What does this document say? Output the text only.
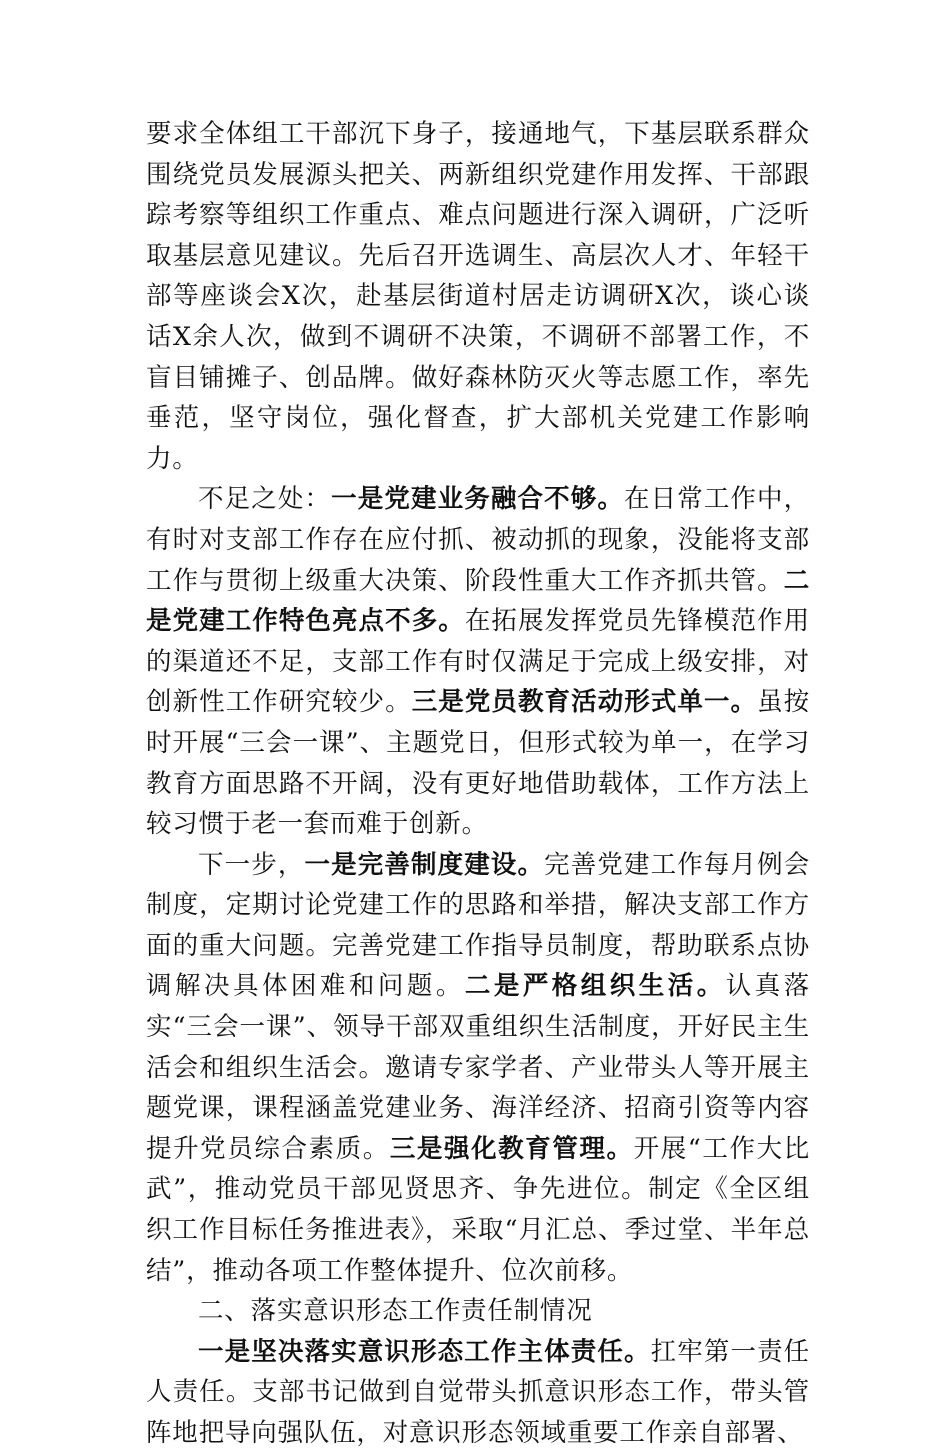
要求全体组工干部沉下身子，接通地气，下基层联系群众围绕党员发展源头把关、两新组织党建作用发挥、干部跟踪考察等组织工作重点、难点问题进行深入调研，广泛听取基层意见建议。先后召开选调生、高层次人才、年轻干部等座谈会X次，赴基层街道村居走访调研X次，谈心谈话X余人次，做到不调研不决策，不调研不部署工作，不盲目铺摊子、创品牌。做好森林防灭火等志愿工作，率先垂范，坚守岗位，强化督查，扩大部机关党建工作影响力。

不足之处：一是党建业务融合不够。在日常工作中，有时对支部工作存在应付抓、被动抓的现象，没能将支部工作与贯彻上级重大决策、阶段性重大工作齐抓共管。二是党建工作特色亮点不多。在拓展发挥党员先锋模范作用的渠道还不足，支部工作有时仅满足于完成上级安排，对创新性工作研究较少。三是党员教育活动形式单一。虽按时开展“三会一课”、主题党日，但形式较为单一，在学习教育方面思路不开阔，没有更好地借助载体，工作方法上较习惯于老一套而难于创新。

下一步，一是完善制度建设。完善党建工作每月例会制度，定期讨论党建工作的思路和举措，解决支部工作方面的重大问题。完善党建工作指导员制度，帮助联系点协调解决具体困难和问题。二是严格组织生活。认真落实“三会一课”、领导干部双重组织生活制度，开好民主生活会和组织生活会。邀请专家学者、产业带头人等开展主题党课，课程涵盖党建业务、海洋经济、招商引资等内容提升党员综合素质。三是强化教育管理。开展“工作大比武”，推动党员干部见贤思齐、争先进位。制定《全区组织工作目标任务推进表》，采取“月汇总、季过堂、半年总结”，推动各项工作整体提升、位次前移。

二、落实意识形态工作责任制情况

一是坚决落实意识形态工作主体责任。扛牢第一责任人责任。支部书记做到自觉带头抓意识形态工作，带头管阵地把导向强队伍，对意识形态领域重要工作亲自部署、
